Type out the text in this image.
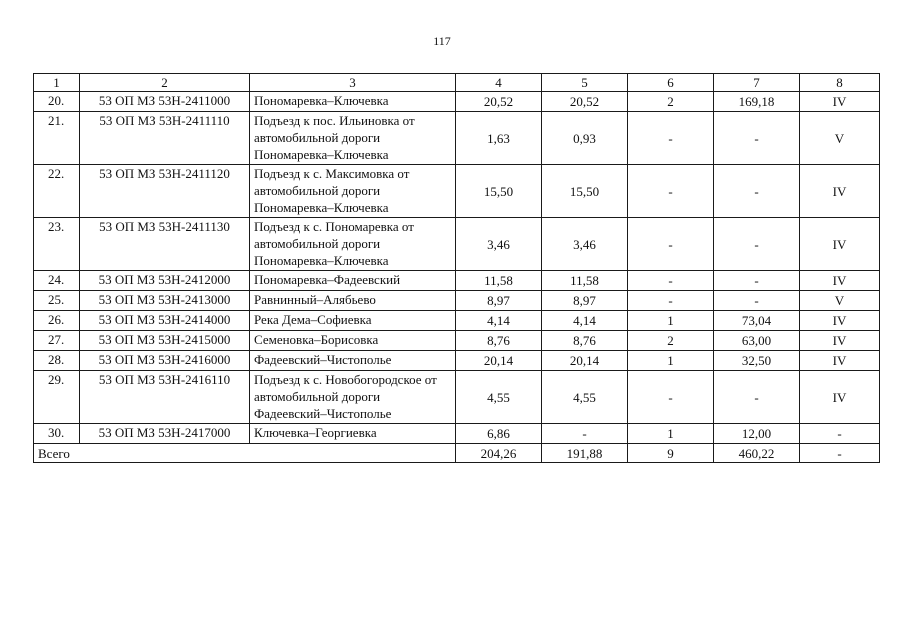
117
1	2	3	4	5	6	7	8
20.	53 ОП МЗ 53Н-2411000	Пономаревка–Ключевка	20,52	20,52	2	169,18	IV
21.	53 ОП МЗ 53Н-2411110	Подъезд к пос. Ильиновка от автомобильной дороги Пономаревка–Ключевка	1,63	0,93	-	-	V
22.	53 ОП МЗ 53Н-2411120	Подъезд к с. Максимовка от автомобильной дороги Пономаревка–Ключевка	15,50	15,50	-	-	IV
23.	53 ОП МЗ 53Н-2411130	Подъезд к с. Пономаревка от автомобильной дороги Пономаревка–Ключевка	3,46	3,46	-	-	IV
24.	53 ОП МЗ 53Н-2412000	Пономаревка–Фадеевский	11,58	11,58	-	-	IV
25.	53 ОП МЗ 53Н-2413000	Равнинный–Алябьево	8,97	8,97	-	-	V
26.	53 ОП МЗ 53Н-2414000	Река Дема–Софиевка	4,14	4,14	1	73,04	IV
27.	53 ОП МЗ 53Н-2415000	Семеновка–Борисовка	8,76	8,76	2	63,00	IV
28.	53 ОП МЗ 53Н-2416000	Фадеевский–Чистополье	20,14	20,14	1	32,50	IV
29.	53 ОП МЗ 53Н-2416110	Подъезд к с. Новобогородское от автомобильной дороги Фадеевский–Чистополье	4,55	4,55	-	-	IV
30.	53 ОП МЗ 53Н-2417000	Ключевка–Георгиевка	6,86	-	1	12,00	-
Всего			204,26	191,88	9	460,22	-
